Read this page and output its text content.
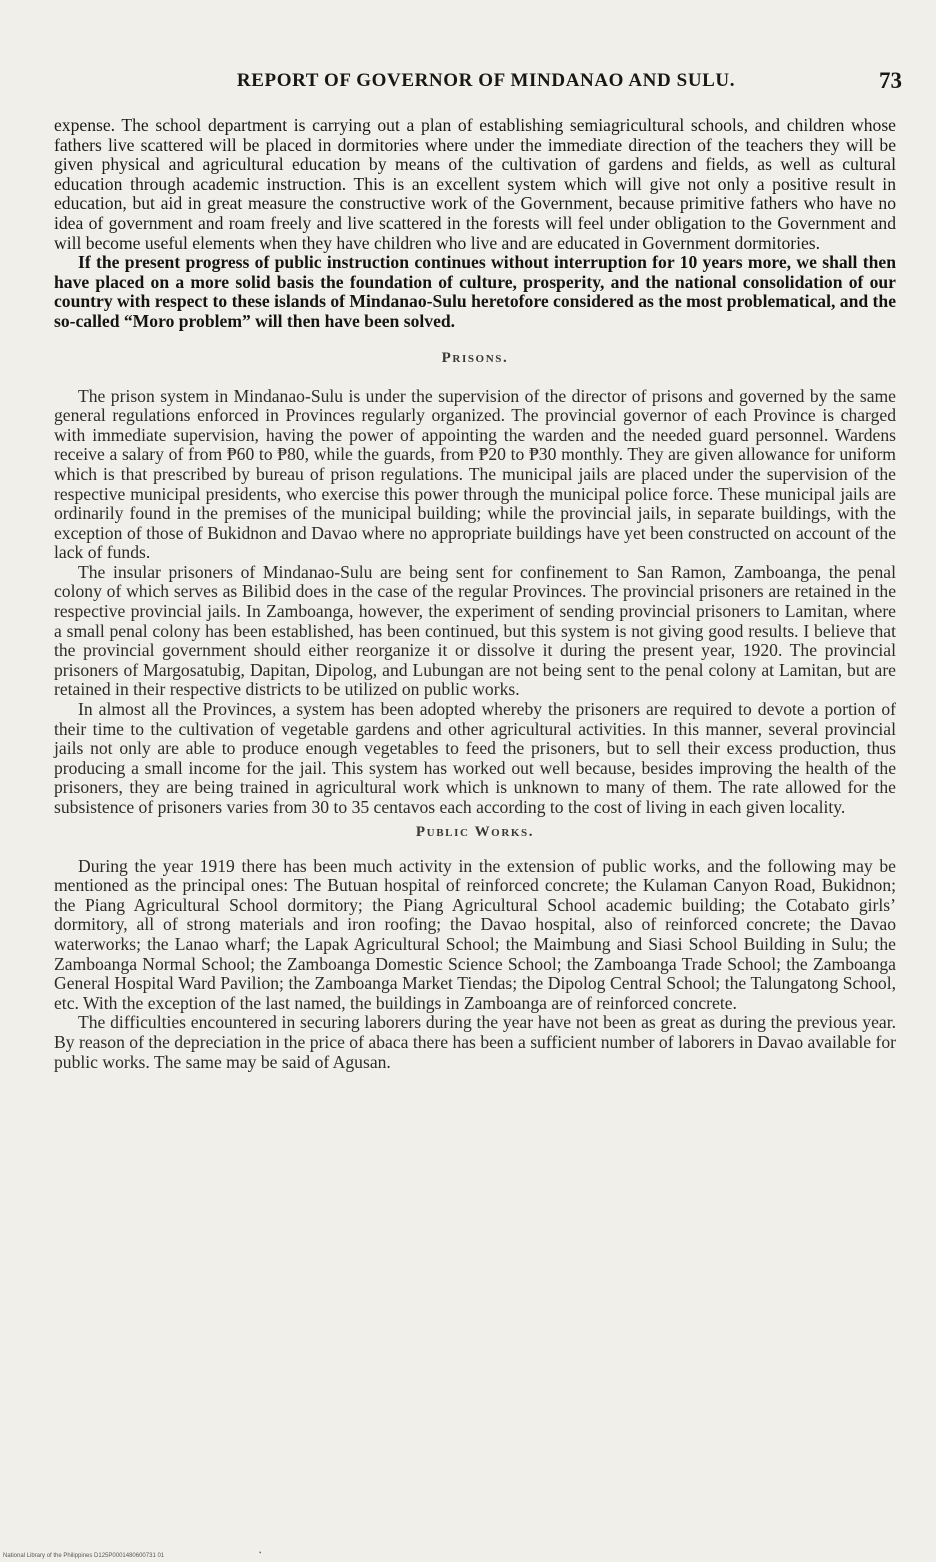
REPORT OF GOVERNOR OF MINDANAO AND SULU.	73

expense. The school department is carrying out a plan of establishing semiagricultural schools, and children whose fathers live scattered will be placed in dormitories where under the immediate direction of the teachers they will be given physical and agricultural education by means of the cultivation of gardens and fields, as well as cultural education through academic instruction. This is an excellent system which will give not only a positive result in education, but aid in great measure the constructive work of the Government, because primitive fathers who have no idea of government and roam freely and live scattered in the forests will feel under obligation to the Government and will become useful elements when they have children who live and are educated in Government dormitories.

If the present progress of public instruction continues without interruption for 10 years more, we shall then have placed on a more solid basis the foundation of culture, prosperity, and the national consolidation of our country with respect to these islands of Mindanao-Sulu heretofore considered as the most problematical, and the so-called “Moro problem” will then have been solved.

Prisons.

The prison system in Mindanao-Sulu is under the supervision of the director of prisons and governed by the same general regulations enforced in Provinces regularly organized. The provincial governor of each Province is charged with immediate supervision, having the power of appointing the warden and the needed guard personnel. Wardens receive a salary of from ₱60 to ₱80, while the guards, from ₱20 to ₱30 monthly. They are given allowance for uniform which is that prescribed by bureau of prison regulations. The municipal jails are placed under the supervision of the respective municipal presidents, who exercise this power through the municipal police force. These municipal jails are ordinarily found in the premises of the municipal building; while the provincial jails, in separate buildings, with the exception of those of Bukidnon and Davao where no appropriate buildings have yet been constructed on account of the lack of funds.

The insular prisoners of Mindanao-Sulu are being sent for confinement to San Ramon, Zamboanga, the penal colony of which serves as Bilibid does in the case of the regular Provinces. The provincial prisoners are retained in the respective provincial jails. In Zamboanga, however, the experiment of sending provincial prisoners to Lamitan, where a small penal colony has been established, has been continued, but this system is not giving good results. I believe that the provincial government should either reorganize it or dissolve it during the present year, 1920. The provincial prisoners of Margosatubig, Dapitan, Dipolog, and Lubungan are not being sent to the penal colony at Lamitan, but are retained in their respective districts to be utilized on public works.

In almost all the Provinces, a system has been adopted whereby the prisoners are required to devote a portion of their time to the cultivation of vegetable gardens and other agricultural activities. In this manner, several provincial jails not only are able to produce enough vegetables to feed the prisoners, but to sell their excess production, thus producing a small income for the jail. This system has worked out well because, besides improving the health of the prisoners, they are being trained in agricultural work which is unknown to many of them. The rate allowed for the subsistence of prisoners varies from 30 to 35 centavos each according to the cost of living in each given locality.

Public Works.

During the year 1919 there has been much activity in the extension of public works, and the following may be mentioned as the principal ones: The Butuan hospital of reinforced concrete; the Kulaman Canyon Road, Bukidnon; the Piang Agricultural School dormitory; the Piang Agricultural School academic building; the Cotabato girls’ dormitory, all of strong materials and iron roofing; the Davao hospital, also of reinforced concrete; the Davao waterworks; the Lanao wharf; the Lapak Agricultural School; the Maimbung and Siasi School Building in Sulu; the Zamboanga Normal School; the Zamboanga Domestic Science School; the Zamboanga Trade School; the Zamboanga General Hospital Ward Pavilion; the Zamboanga Market Tiendas; the Dipolog Central School; the Talungatong School, etc. With the exception of the last named, the buildings in Zamboanga are of reinforced concrete.

The difficulties encountered in securing laborers during the year have not been as great as during the previous year. By reason of the depreciation in the price of abaca there has been a sufficient number of laborers in Davao available for public works. The same may be said of Agusan.

National Library of the Philippines D125P0001480600731 01	•
